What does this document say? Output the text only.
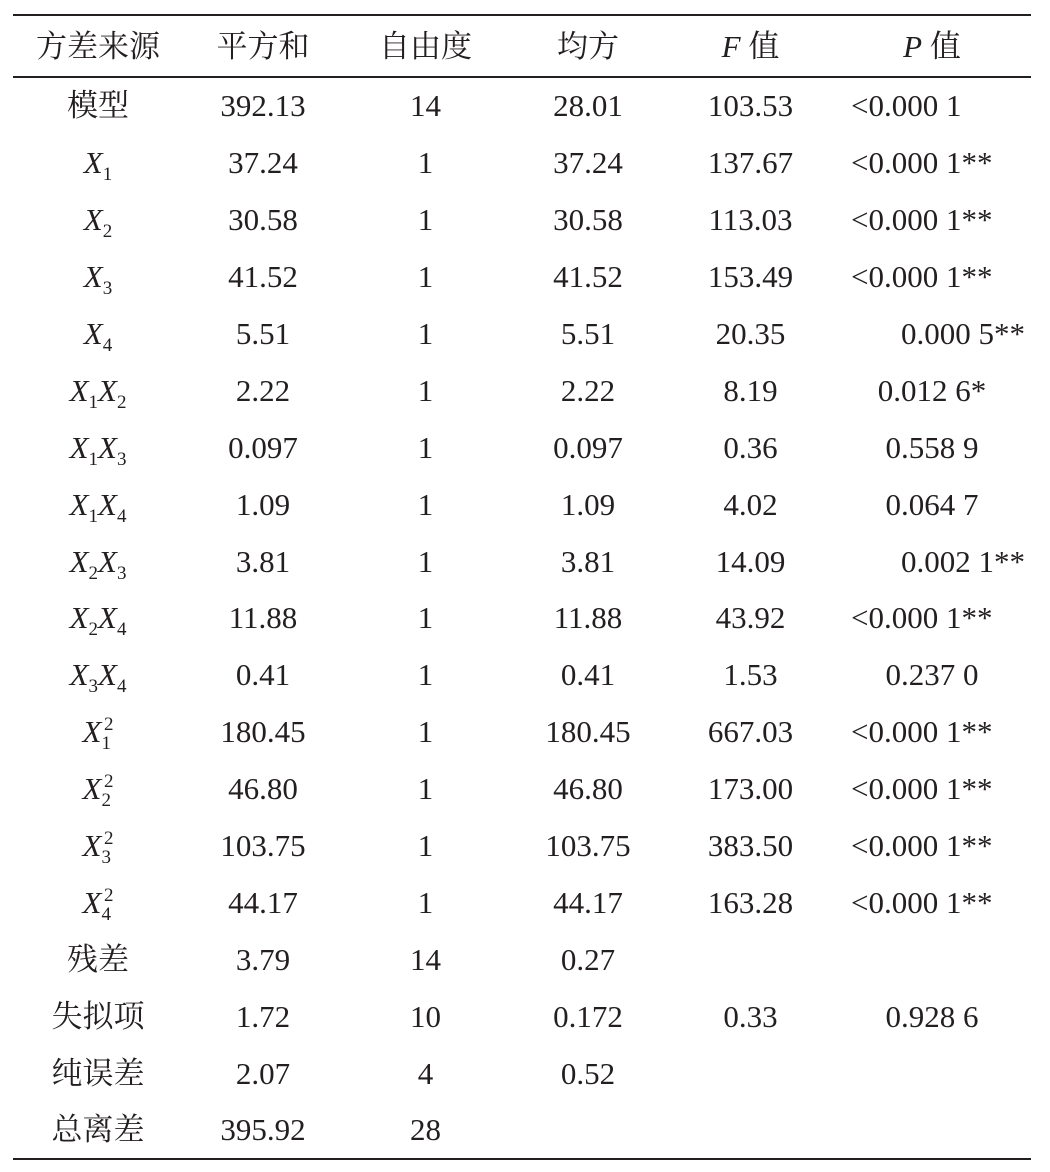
方差来源	平方和	自由度	均方	F 值	P 值
模型	392.13	14	28.01	103.53	<0.000 1
$X_1$	37.24	1	37.24	137.67	<0.000 1**
$X_2$	30.58	1	30.58	113.03	<0.000 1**
$X_3$	41.52	1	41.52	153.49	<0.000 1**
$X_4$	5.51	1	5.51	20.35	0.000 5**
$X_1X_2$	2.22	1	2.22	8.19	0.012 6*
$X_1X_3$	0.097	1	0.097	0.36	0.558 9
$X_1X_4$	1.09	1	1.09	4.02	0.064 7
$X_2X_3$	3.81	1	3.81	14.09	0.002 1**
$X_2X_4$	11.88	1	11.88	43.92	<0.000 1**
$X_3X_4$	0.41	1	0.41	1.53	0.237 0
$X_1^2$	180.45	1	180.45	667.03	<0.000 1**
$X_2^2$	46.80	1	46.80	173.00	<0.000 1**
$X_3^2$	103.75	1	103.75	383.50	<0.000 1**
$X_4^2$	44.17	1	44.17	163.28	<0.000 1**
残差	3.79	14	0.27
失拟项	1.72	10	0.172	0.33	0.928 6
纯误差	2.07	4	0.52
总离差	395.92	28
